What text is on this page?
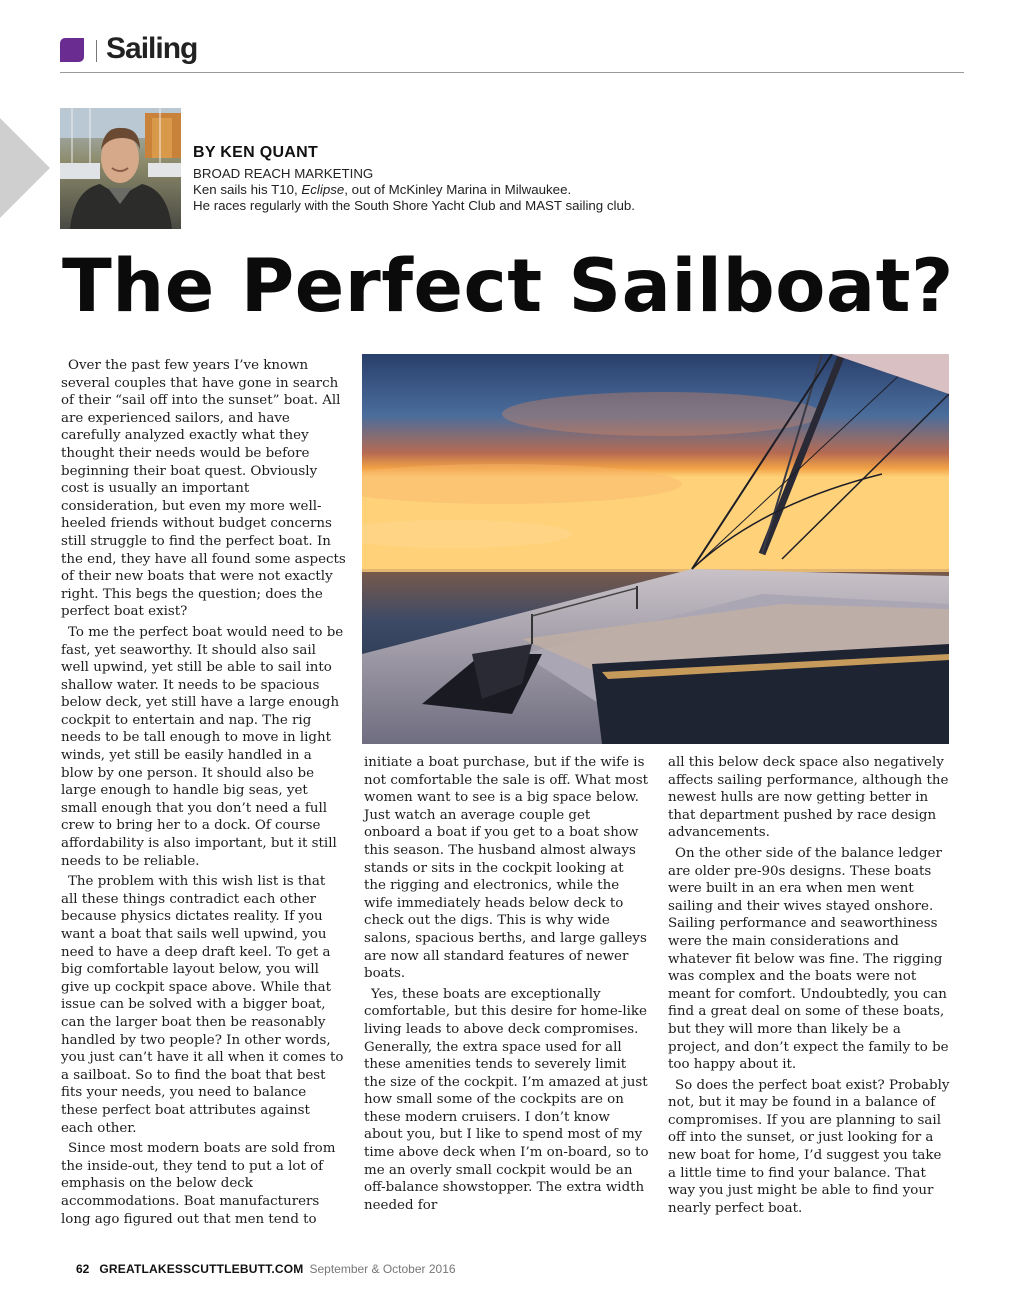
Sailing
BY KEN QUANT
BROAD REACH MARKETING
Ken sails his T10, Eclipse, out of McKinley Marina in Milwaukee.
He races regularly with the South Shore Yacht Club and MAST sailing club.
The Perfect Sailboat?

Over the past few years I’ve known several couples that have gone in search of their “sail off into the sunset” boat. All are experienced sailors, and have carefully analyzed exactly what they thought their needs would be before beginning their boat quest. Obviously cost is usually an important consideration, but even my more well-heeled friends without budget concerns still struggle to find the perfect boat. In the end, they have all found some aspects of their new boats that were not exactly right. This begs the question; does the perfect boat exist?

To me the perfect boat would need to be fast, yet seaworthy. It should also sail well upwind, yet still be able to sail into shallow water. It needs to be spacious below deck, yet still have a large enough cockpit to entertain and nap. The rig needs to be tall enough to move in light winds, yet still be easily handled in a blow by one person. It should also be large enough to handle big seas, yet small enough that you don’t need a full crew to bring her to a dock. Of course affordability is also important, but it still needs to be reliable.

The problem with this wish list is that all these things contradict each other because physics dictates reality. If you want a boat that sails well upwind, you need to have a deep draft keel. To get a big comfortable layout below, you will give up cockpit space above. While that issue can be solved with a bigger boat, can the larger boat then be reasonably handled by two people? In other words, you just can’t have it all when it comes to a sailboat. So to find the boat that best fits your needs, you need to balance these perfect boat attributes against each other.

Since most modern boats are sold from the inside-out, they tend to put a lot of emphasis on the below deck accommodations. Boat manufacturers long ago figured out that men tend to

initiate a boat purchase, but if the wife is not comfortable the sale is off. What most women want to see is a big space below. Just watch an average couple get onboard a boat if you get to a boat show this season. The husband almost always stands or sits in the cockpit looking at the rigging and electronics, while the wife immediately heads below deck to check out the digs. This is why wide salons, spacious berths, and large galleys are now all standard features of newer boats.

Yes, these boats are exceptionally comfortable, but this desire for home-like living leads to above deck compromises. Generally, the extra space used for all these amenities tends to severely limit the size of the cockpit. I’m amazed at just how small some of the cockpits are on these modern cruisers. I don’t know about you, but I like to spend most of my time above deck when I’m on-board, so to me an overly small cockpit would be an off-balance showstopper. The extra width needed for

all this below deck space also negatively affects sailing performance, although the newest hulls are now getting better in that department pushed by race design advancements.

On the other side of the balance ledger are older pre-90s designs. These boats were built in an era when men went sailing and their wives stayed onshore. Sailing performance and seaworthiness were the main considerations and whatever fit below was fine. The rigging was complex and the boats were not meant for comfort. Undoubtedly, you can find a great deal on some of these boats, but they will more than likely be a project, and don’t expect the family to be too happy about it.

So does the perfect boat exist? Probably not, but it may be found in a balance of compromises. If you are planning to sail off into the sunset, or just looking for a new boat for home, I’d suggest you take a little time to find your balance. That way you just might be able to find your nearly perfect boat.

62 GREATLAKESSCUTTLEBUTT.COM September & October 2016
